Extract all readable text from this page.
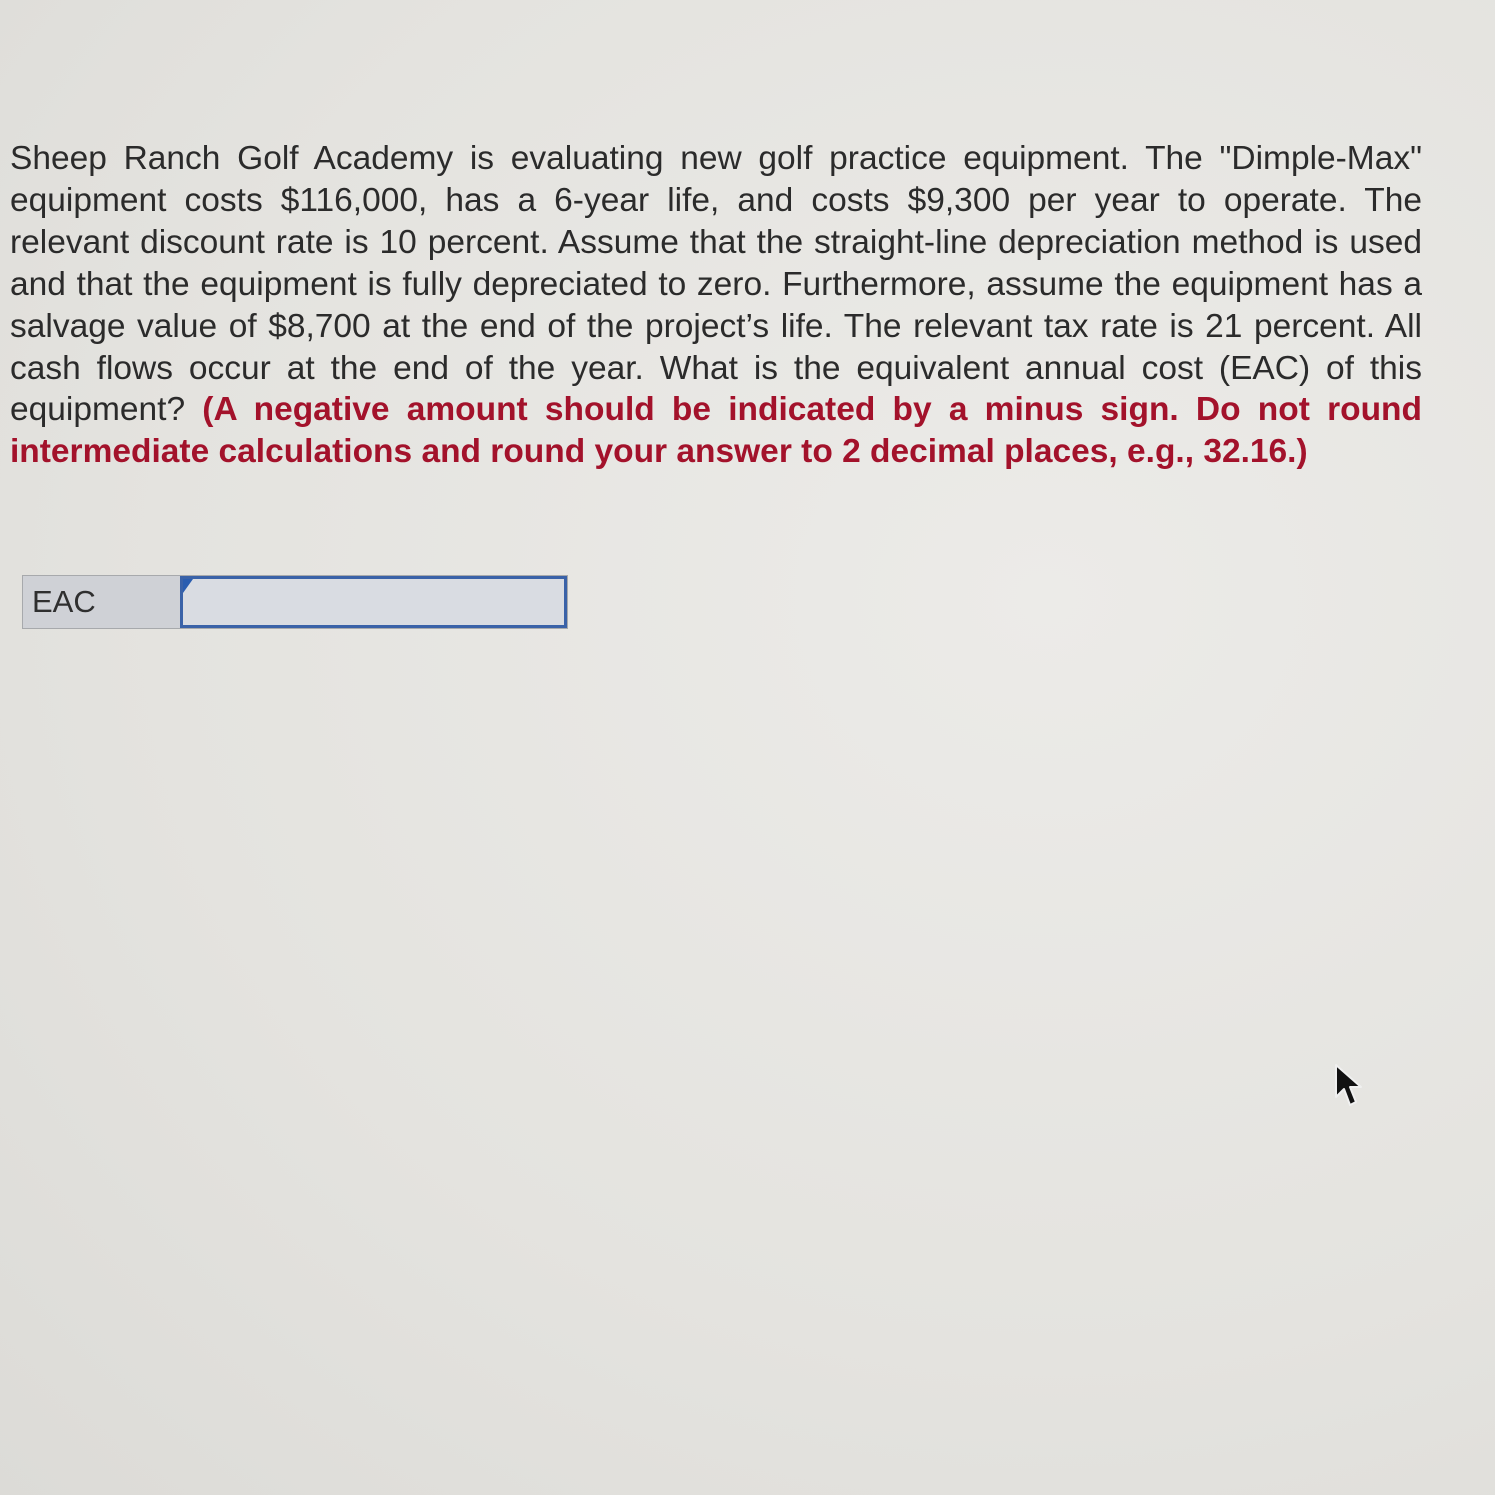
Sheep Ranch Golf Academy is evaluating new golf practice equipment. The "Dimple-Max" equipment costs $116,000, has a 6-year life, and costs $9,300 per year to operate. The relevant discount rate is 10 percent. Assume that the straight-line depreciation method is used and that the equipment is fully depreciated to zero. Furthermore, assume the equipment has a salvage value of $8,700 at the end of the project’s life. The relevant tax rate is 21 percent. All cash flows occur at the end of the year. What is the equivalent annual cost (EAC) of this equipment? (A negative amount should be indicated by a minus sign. Do not round intermediate calculations and round your answer to 2 decimal places, e.g., 32.16.)

EAC
